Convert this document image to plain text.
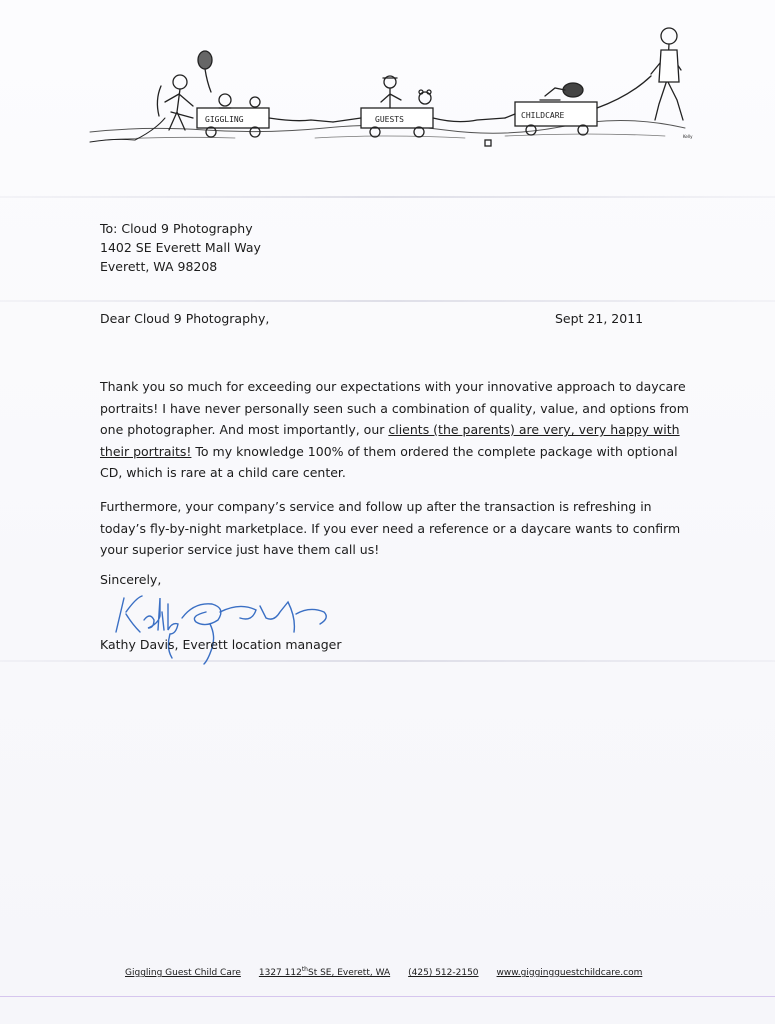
GIGGLING	GUESTS	CHILDCARE
Kelly
To: Cloud 9 Photography
1402 SE Everett Mall Way
Everett, WA 98208
Dear Cloud 9 Photography,	Sept 21, 2011
Thank you so much for exceeding our expectations with your innovative approach to daycare portraits! I have never personally seen such a combination of quality, value, and options from one photographer. And most importantly, our clients (the parents) are very, very happy with their portraits! To my knowledge 100% of them ordered the complete package with optional CD, which is rare at a child care center.
Furthermore, your company’s service and follow up after the transaction is refreshing in today’s fly-by-night marketplace. If you ever need a reference or a daycare wants to confirm your superior service just have them call us!
Sincerely,
Kathy Davis, Everett location manager
Giggling Guest Child Care 1327 112thSt SE, Everett, WA (425) 512-2150 www.giggingguestchildcare.com
